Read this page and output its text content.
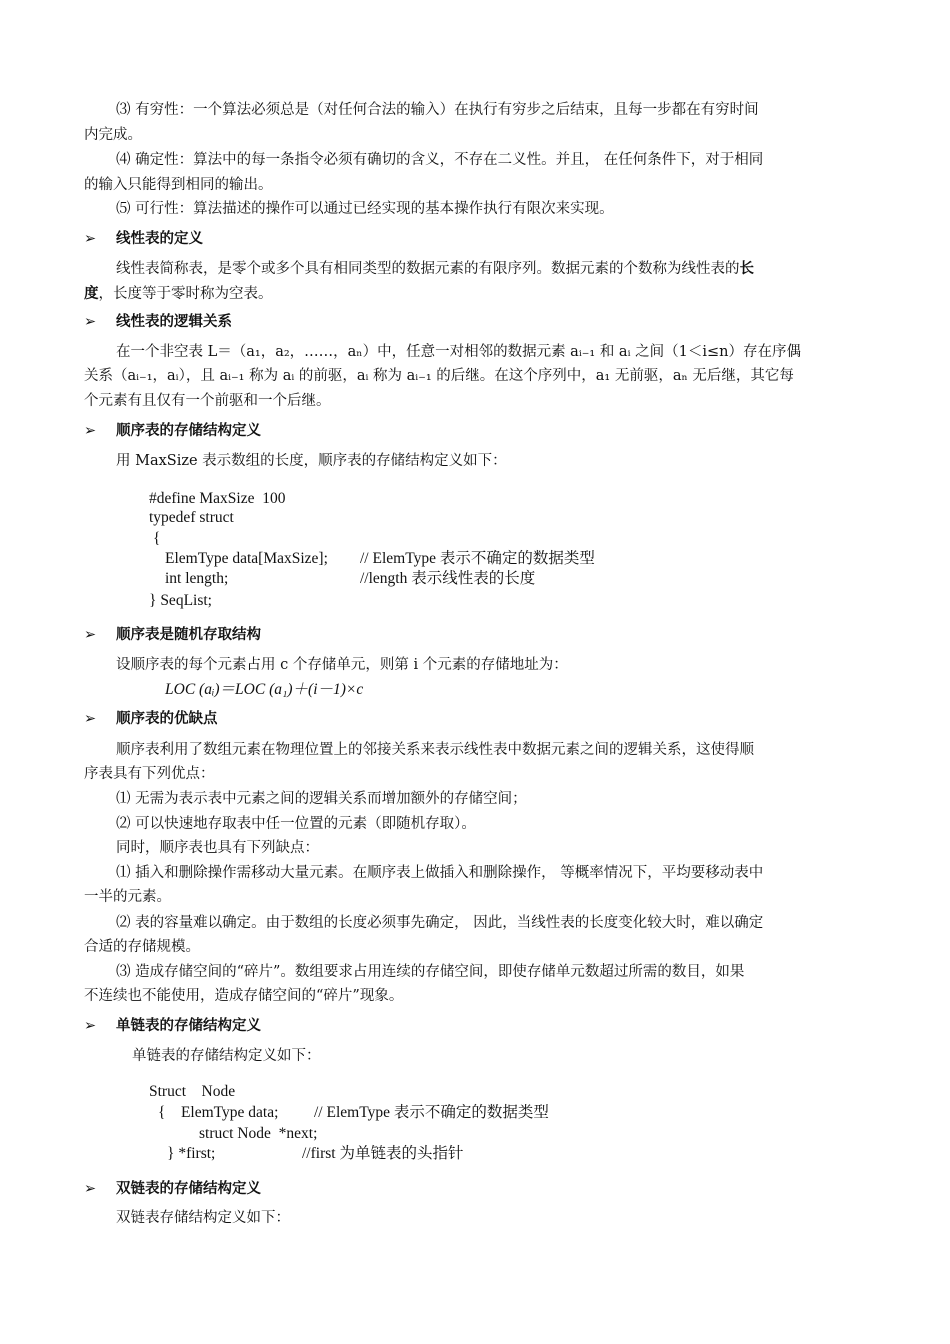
⑶ 有穷性：一个算法必须总是（对任何合法的输入）在执行有穷步之后结束，且每一步都在有穷时间
内完成。
⑷ 确定性：算法中的每一条指令必须有确切的含义，不存在二义性。并且， 在任何条件下，对于相同
的输入只能得到相同的输出。
⑸ 可行性：算法描述的操作可以通过已经实现的基本操作执行有限次来实现。
➢ 线性表的定义
线性表简称表，是零个或多个具有相同类型的数据元素的有限序列。数据元素的个数称为线性表的长
度，长度等于零时称为空表。
➢ 线性表的逻辑关系
在一个非空表 L＝（a₁，a₂，……，aₙ）中，任意一对相邻的数据元素 aᵢ₋₁ 和 aᵢ 之间（1＜i≤n）存在序偶
关系（aᵢ₋₁，aᵢ），且 aᵢ₋₁ 称为 aᵢ 的前驱，aᵢ 称为 aᵢ₋₁ 的后继。在这个序列中，a₁ 无前驱，aₙ 无后继，其它每
个元素有且仅有一个前驱和一个后继。
➢ 顺序表的存储结构定义
用 MaxSize 表示数组的长度，顺序表的存储结构定义如下：
#define MaxSize  100
typedef struct
{
ElemType data[MaxSize]; // ElemType 表示不确定的数据类型
int length;	//length 表示线性表的长度
} SeqList;
➢ 顺序表是随机存取结构
设顺序表的每个元素占用 c 个存储单元，则第 i 个元素的存储地址为：
LOC (aᵢ)＝LOC (a₁)＋(i－1)×c
➢ 顺序表的优缺点
顺序表利用了数组元素在物理位置上的邻接关系来表示线性表中数据元素之间的逻辑关系，这使得顺
序表具有下列优点：
⑴ 无需为表示表中元素之间的逻辑关系而增加额外的存储空间；
⑵ 可以快速地存取表中任一位置的元素（即随机存取）。
同时，顺序表也具有下列缺点：
⑴ 插入和删除操作需移动大量元素。在顺序表上做插入和删除操作， 等概率情况下，平均要移动表中
一半的元素。
⑵ 表的容量难以确定。由于数组的长度必须事先确定， 因此，当线性表的长度变化较大时，难以确定
合适的存储规模。
⑶ 造成存储空间的“碎片”。数组要求占用连续的存储空间，即使存储单元数超过所需的数目，如果
不连续也不能使用，造成存储空间的“碎片”现象。
➢ 单链表的存储结构定义
单链表的存储结构定义如下：
Struct    Node
{    ElemType data; // ElemType 表示不确定的数据类型
struct Node  *next;
} *first;	//first 为单链表的头指针
➢ 双链表的存储结构定义
双链表存储结构定义如下：
